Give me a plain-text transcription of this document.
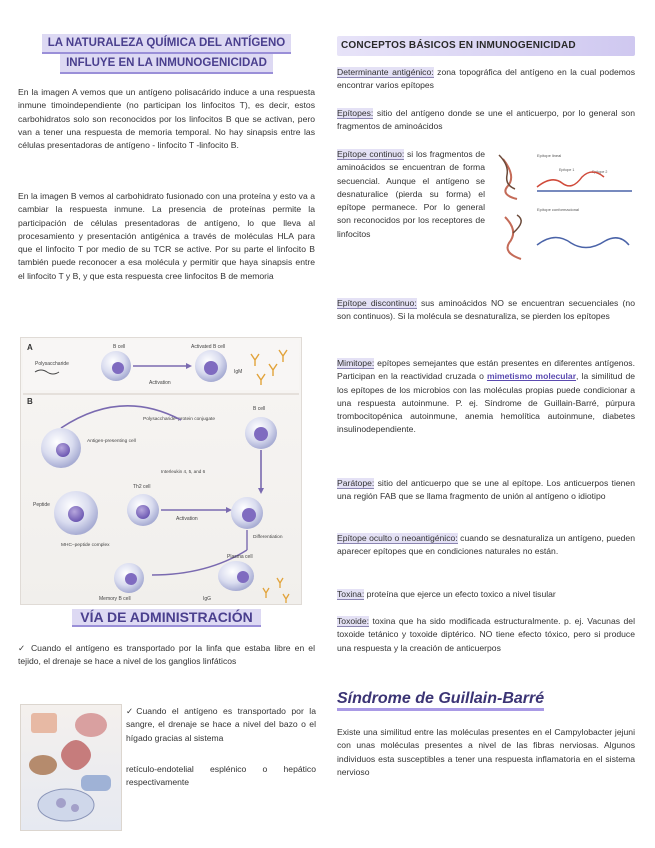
LA NATURALEZA QUÍMICA DEL ANTÍGENO
INFLUYE EN LA INMUNOGENICIDAD

En la imagen A vemos que un antígeno polisacárido induce a una respuesta inmune timoindependiente (no participan los linfocitos T), es decir, estos carbohidratos solo son reconocidos por los linfocitos B que se activan, pero van a tener una respuesta de memoria temporal. No hay sinapsis entre las células presentadoras de antígeno - linfocito T -linfocito B.

En la imagen B vemos al carbohidrato fusionado con una proteína y esto va a cambiar la respuesta inmune. La presencia de proteínas permite la participación de células presentadoras de antígeno, lo que lleva al procesamiento y presentación antigénica a través de moléculas HLA para que el linfocito T por medio de su TCR se active. Por su parte el linfocito B también puede reconocer a esa molécula y permitir que haya sinapsis entre el linfocito T y B, y que esta respuesta cree linfocitos B de memoria

A
Polysaccharide
B cell
Activation
Activated B cell
IgM
B
Polysaccharide–protein conjugate
Antigen-presenting cell
B cell
Peptide
MHC–peptide complex
Th2 cell
Interleukin 4, 5, and 6
Activation
Differentiation
Memory B cell
Plasma cell
IgG
VÍA DE ADMINISTRACIÓN

✓ Cuando el antígeno es transportado por la linfa que estaba libre en el tejido, el drenaje se hace a nivel de los ganglios linfáticos

✓Cuando el antígeno es transportado por la sangre, el drenaje se hace a nivel del bazo o el hígado gracias al sistema

retículo-endotelial esplénico o hepático respectivamente

CONCEPTOS BÁSICOS EN INMUNOGENICIDAD

Determinante antigénico: zona topográfica del antígeno en la cual podemos encontrar varios epítopes

Epítopes: sitio del antígeno donde se une el anticuerpo, por lo general son fragmentos de aminoácidos

Epítope continuo: si los fragmentos de aminoácidos se encuentran de forma secuencial. Aunque el antígeno se desnaturalice (pierda su forma) el epítope permanece. Por lo general son reconocidos por los receptores de linfocitos

Epítope lineal
Epítope 1	Epítope 2
Epítope conformacional

Epítope discontinuo: sus aminoácidos NO se encuentran secuenciales (no son continuos). Si la molécula se desnaturaliza, se pierden los epítopes

Mimitope: epítopes semejantes que están presentes en diferentes antígenos. Participan en la reactividad cruzada o mimetismo molecular, la similitud de los epítopes de los microbios con las moléculas propias puede condicionar a una respuesta autoinmune. P. ej. Síndrome de Guillain-Barré, púrpura trombocitopénica autoinmune, anemia hemolítica autoinmune, diabetes insulinodependiente.

Parátope: sitio del anticuerpo que se une al epítope. Los anticuerpos tienen una región FAB que se llama fragmento de unión al antígeno o idiotipo

Epítope oculto o neoantigénico: cuando se desnaturaliza un antígeno, pueden aparecer epítopes que en condiciones naturales no están.

Toxina: proteína que ejerce un efecto toxico a nivel tisular

Toxoide: toxina que ha sido modificada estructuralmente. p. ej. Vacunas del toxoide tetánico y toxoide diptérico. NO tiene efecto tóxico, pero si produce una respuesta y la creación de anticuerpos

Síndrome de Guillain-Barré

Existe una similitud entre las moléculas presentes en el Campylobacter jejuni con unas moléculas presentes a nivel de las fibras nerviosas. Algunos individuos esta susceptibles a tener una respuesta inflamatoria en el sistema nervioso
